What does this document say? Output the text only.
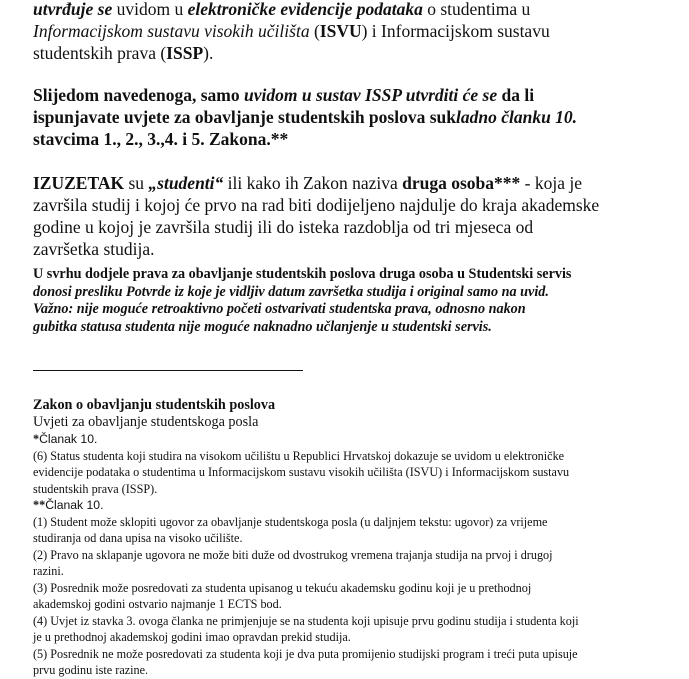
utvrđuje se uvidom u elektroničke evidencije podataka o studentima u
Informacijskom sustavu visokih učilišta (ISVU) i Informacijskom sustavu
studentskih prava (ISSP).
Slijedom navedenoga, samo uvidom u sustav ISSP utvrditi će se da li
ispunjavate uvjete za obavljanje studentskih poslova sukladno članku 10.
stavcima 1., 2., 3.,4. i 5. Zakona.**
IZUZETAK su „studenti“ ili kako ih Zakon naziva druga osoba*** - koja je
završila studij i kojoj će prvo na rad biti dodijeljeno najdulje do kraja akademske
godine u kojoj je završila studij ili do isteka razdoblja od tri mjeseca od
završetka studija.
U svrhu dodjele prava za obavljanje studentskih poslova druga osoba u Studentski servis
donosi presliku Potvrde iz koje je vidljiv datum završetka studija i original samo na uvid.
Važno: nije moguće retroaktivno početi ostvarivati studentska prava, odnosno nakon
gubitka statusa studenta nije moguće naknadno učlanjenje u studentski servis.
Zakon o obavljanju studentskih poslova
Uvjeti za obavljanje studentskoga posla
*Članak 10.
(6) Status studenta koji studira na visokom učilištu u Republici Hrvatskoj dokazuje se uvidom u elektroničke
evidencije podataka o studentima u Informacijskom sustavu visokih učilišta (ISVU) i Informacijskom sustavu
studentskih prava (ISSP).
**Članak 10.
(1) Student može sklopiti ugovor za obavljanje studentskoga posla (u daljnjem tekstu: ugovor) za vrijeme
studiranja od dana upisa na visoko učilište.
(2) Pravo na sklapanje ugovora ne može biti duže od dvostrukog vremena trajanja studija na prvoj i drugoj
razini.
(3) Posrednik može posredovati za studenta upisanog u tekuću akademsku godinu koji je u prethodnoj
akademskoj godini ostvario najmanje 1 ECTS bod.
(4) Uvjet iz stavka 3. ovoga članka ne primjenjuje se na studenta koji upisuje prvu godinu studija i studenta koji
je u prethodnoj akademskoj godini imao opravdan prekid studija.
(5) Posrednik ne može posredovati za studenta koji je dva puta promijenio studijski program i treći puta upisuje
prvu godinu iste razine.
